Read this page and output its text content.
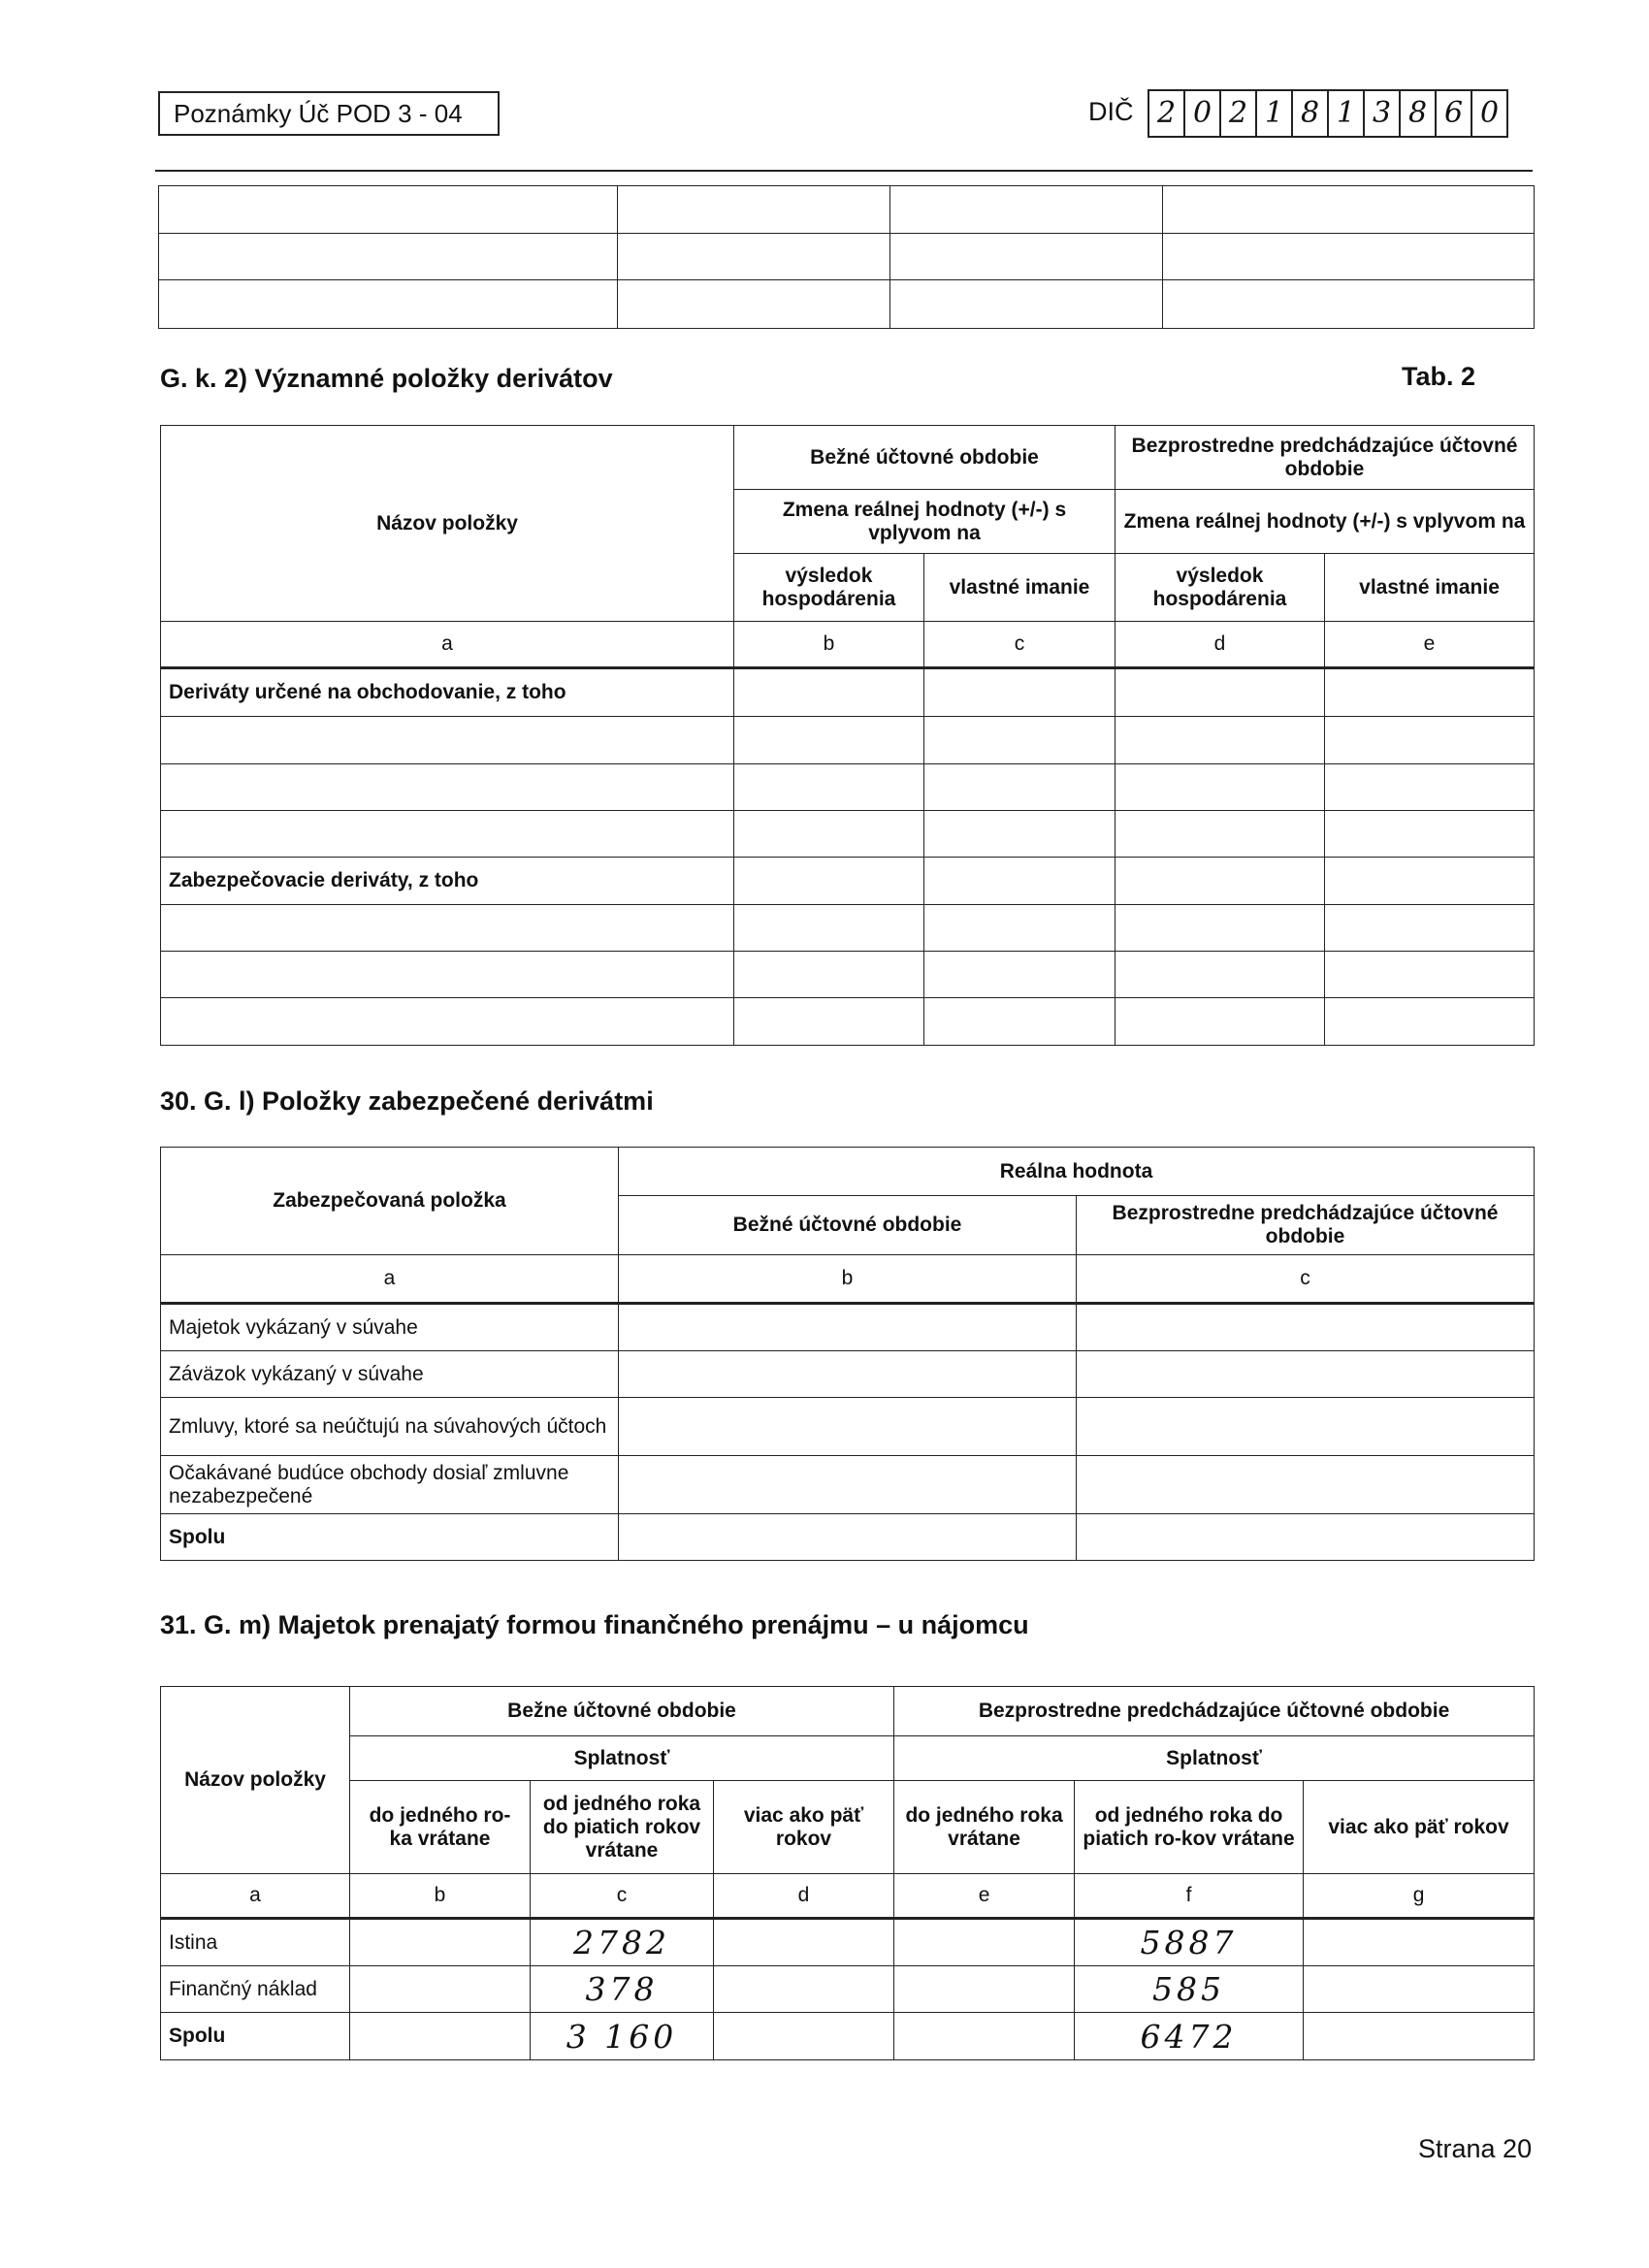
Poznámky Úč POD 3 - 04	DIČ 2 0 2 1 8 1 3 8 6 0

G. k. 2) Významné položky derivátov	Tab. 2
Názov položky	Bežné účtovné obdobie		Bezprostredne predchádzajúce účtovné obdobie	
	Zmena reálnej hodnoty (+/-) s vplyvom na		Zmena reálnej hodnoty (+/-) s vplyvom na	
	výsledok hospodárenia	vlastné imanie	výsledok hospodárenia	vlastné imanie
a	b	c	d	e
Deriváty určené na obchodovanie, z toho				

Zabezpečovacie deriváty, z toho				

30. G. l) Položky zabezpečené derivátmi
Zabezpečovaná položka	Reálna hodnota	
	Bežné účtovné obdobie	Bezprostredne predchádzajúce účtovné obdobie
a	b	c
Majetok vykázaný v súvahe		
Záväzok vykázaný v súvahe		
Zmluvy, ktoré sa neúčtujú na súvahových účtoch		
Očakávané budúce obchody dosiaľ zmluvne nezabezpečené		
Spolu		
31. G. m) Majetok prenajatý formou finančného prenájmu – u nájomcu
Názov položky	Bežne účtovné obdobie			Bezprostredne predchádzajúce účtovné obdobie		
	Splatnosť			Splatnosť		
	do jedného ro-ka vrátane	od jedného roka do piatich rokov vrátane	viac ako päť rokov	do jedného roka vrátane	od jedného roka do piatich ro-kov vrátane	viac ako päť rokov
a	b	c	d	e	f	g
Istina		2782			5887	
Finančný náklad		378			585	
Spolu		3 160			6472	
Strana 20
